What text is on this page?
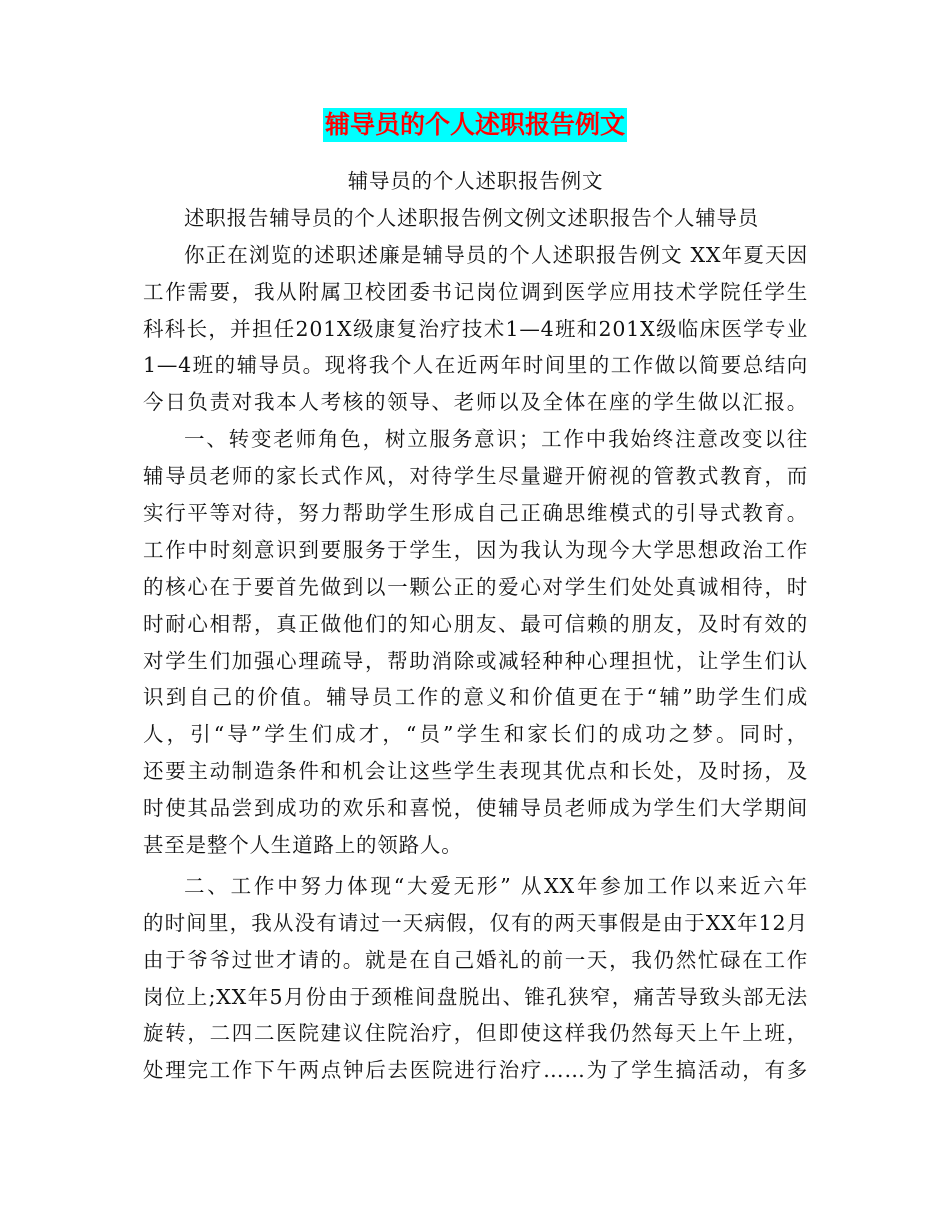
辅导员的个人述职报告例文
辅导员的个人述职报告例文
述职报告辅导员的个人述职报告例文例文述职报告个人辅导员
你正在浏览的述职述廉是辅导员的个人述职报告例文 XX年夏天因
工作需要，我从附属卫校团委书记岗位调到医学应用技术学院任学生
科科长，并担任201X级康复治疗技术1—4班和201X级临床医学专业
1—4班的辅导员。现将我个人在近两年时间里的工作做以简要总结向
今日负责对我本人考核的领导、老师以及全体在座的学生做以汇报。
一、转变老师角色，树立服务意识；工作中我始终注意改变以往
辅导员老师的家长式作风，对待学生尽量避开俯视的管教式教育，而
实行平等对待，努力帮助学生形成自己正确思维模式的引导式教育。
工作中时刻意识到要服务于学生，因为我认为现今大学思想政治工作
的核心在于要首先做到以一颗公正的爱心对学生们处处真诚相待，时
时耐心相帮，真正做他们的知心朋友、最可信赖的朋友，及时有效的
对学生们加强心理疏导，帮助消除或减轻种种心理担忧，让学生们认
识到自己的价值。辅导员工作的意义和价值更在于“辅”助学生们成
人，引“导”学生们成才，“员”学生和家长们的成功之梦。同时，
还要主动制造条件和机会让这些学生表现其优点和长处，及时扬，及
时使其品尝到成功的欢乐和喜悦，使辅导员老师成为学生们大学期间
甚至是整个人生道路上的领路人。
二、工作中努力体现“大爱无形” 从XX年参加工作以来近六年
的时间里，我从没有请过一天病假，仅有的两天事假是由于XX年12月
由于爷爷过世才请的。就是在自己婚礼的前一天，我仍然忙碌在工作
岗位上;XX年5月份由于颈椎间盘脱出、锥孔狭窄，痛苦导致头部无法
旋转，二四二医院建议住院治疗，但即使这样我仍然每天上午上班，
处理完工作下午两点钟后去医院进行治疗……为了学生搞活动，有多
